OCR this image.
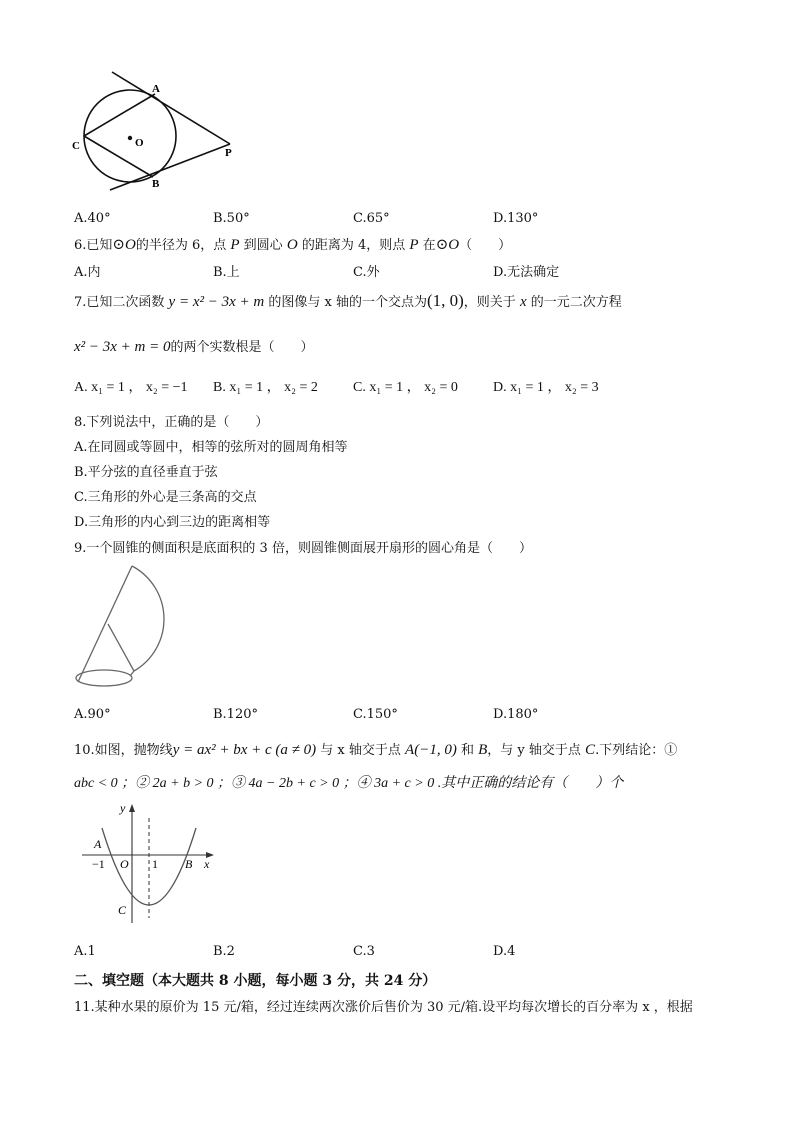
A
O
C
P
B
A.40°	B.50°	C.65°	D.130°
6.已知⊙O的半径为 6，点 P 到圆心 O 的距离为 4，则点 P 在⊙O（　　）
A.内	B.上	C.外	D.无法确定
7.已知二次函数 y = x² − 3x + m 的图像与 x 轴的一个交点为(1, 0)，则关于 x 的一元二次方程
x² − 3x + m = 0的两个实数根是（　　）
A. x₁ = 1 ， x₂ = −1 B. x₁ = 1 ， x₂ = 2	C. x₁ = 1 ， x₂ = 0	D. x₁ = 1 ， x₂ = 3
8.下列说法中，正确的是（　　）
A.在同圆或等圆中，相等的弦所对的圆周角相等
B.平分弦的直径垂直于弦
C.三角形的外心是三条高的交点
D.三角形的内心到三边的距离相等
9.一个圆锥的侧面积是底面积的 3 倍，则圆锥侧面展开扇形的圆心角是（　　）
A.90°	B.120°	C.150°	D.180°
10.如图，抛物线y = ax² + bx + c (a ≠ 0) 与 x 轴交于点 A(−1, 0) 和 B，与 y 轴交于点 C.下列结论：①
abc < 0 ；② 2a + b > 0 ；③ 4a − 2b + c > 0 ；④ 3a + c > 0 .其中正确的结论有（　　）个
y
A
−1 O 1 B x
C
A.1	B.2	C.3	D.4
二、填空题（本大题共 8 小题，每小题 3 分，共 24 分）
11.某种水果的原价为 15 元/箱，经过连续两次涨价后售价为 30 元/箱.设平均每次增长的百分率为 x ，根据
